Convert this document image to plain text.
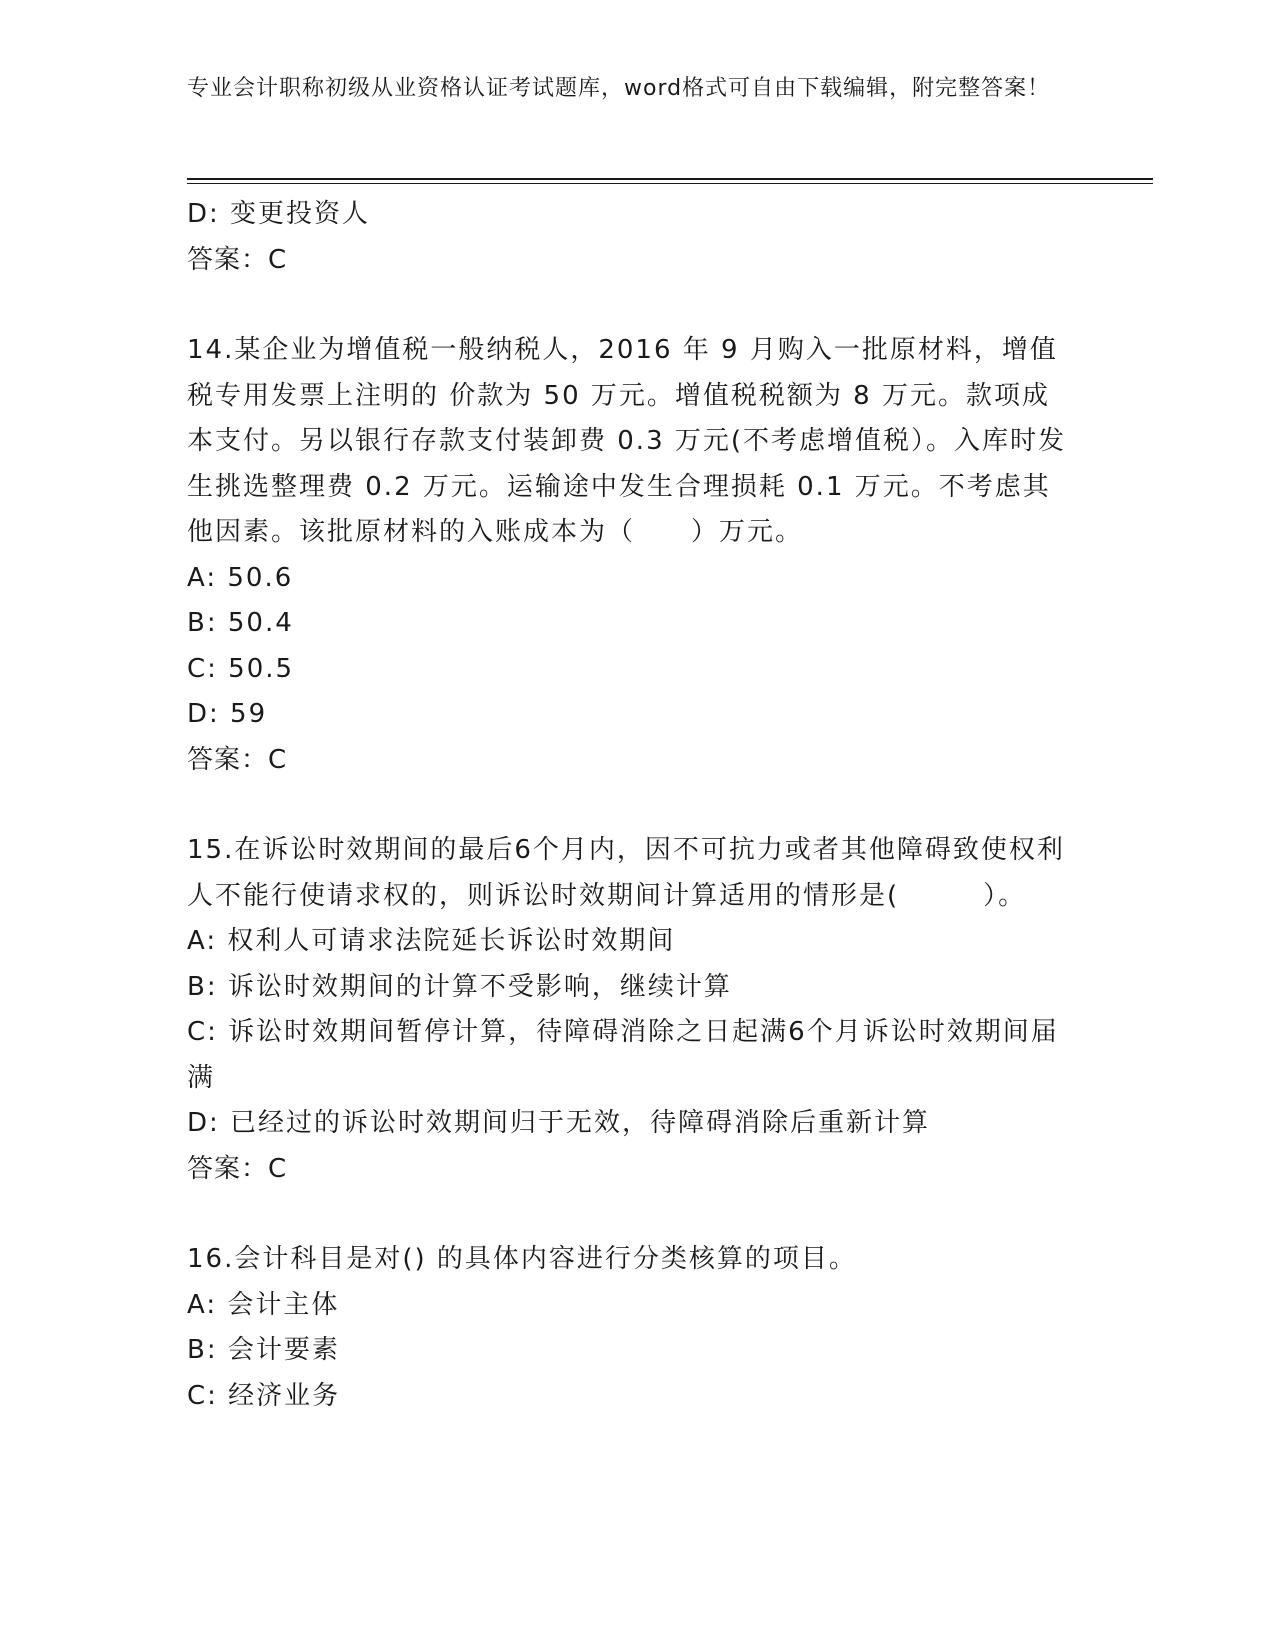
专业会计职称初级从业资格认证考试题库，word格式可自由下载编辑，附完整答案！

D: 变更投资人

答案：C

14.某企业为增值税一般纳税人，2016 年 9 月购入一批原材料，增值税专用发票上注明的 价款为 50 万元。增值税税额为 8 万元。款项成本支付。另以银行存款支付装卸费 0.3 万元(不考虑增值税）。入库时发生挑选整理费 0.2 万元。运输途中发生合理损耗 0.1 万元。不考虑其他因素。该批原材料的入账成本为（　　）万元。

A: 50.6

B: 50.4

C: 50.5

D: 59

答案：C

15.在诉讼时效期间的最后6个月内，因不可抗力或者其他障碍致使权利人不能行使请求权的，则诉讼时效期间计算适用的情形是(　　　）。

A: 权利人可请求法院延长诉讼时效期间

B: 诉讼时效期间的计算不受影响，继续计算

C: 诉讼时效期间暂停计算，待障碍消除之日起满6个月诉讼时效期间届满

D: 已经过的诉讼时效期间归于无效，待障碍消除后重新计算

答案：C

16.会计科目是对() 的具体内容进行分类核算的项目。

A: 会计主体

B: 会计要素

C: 经济业务
